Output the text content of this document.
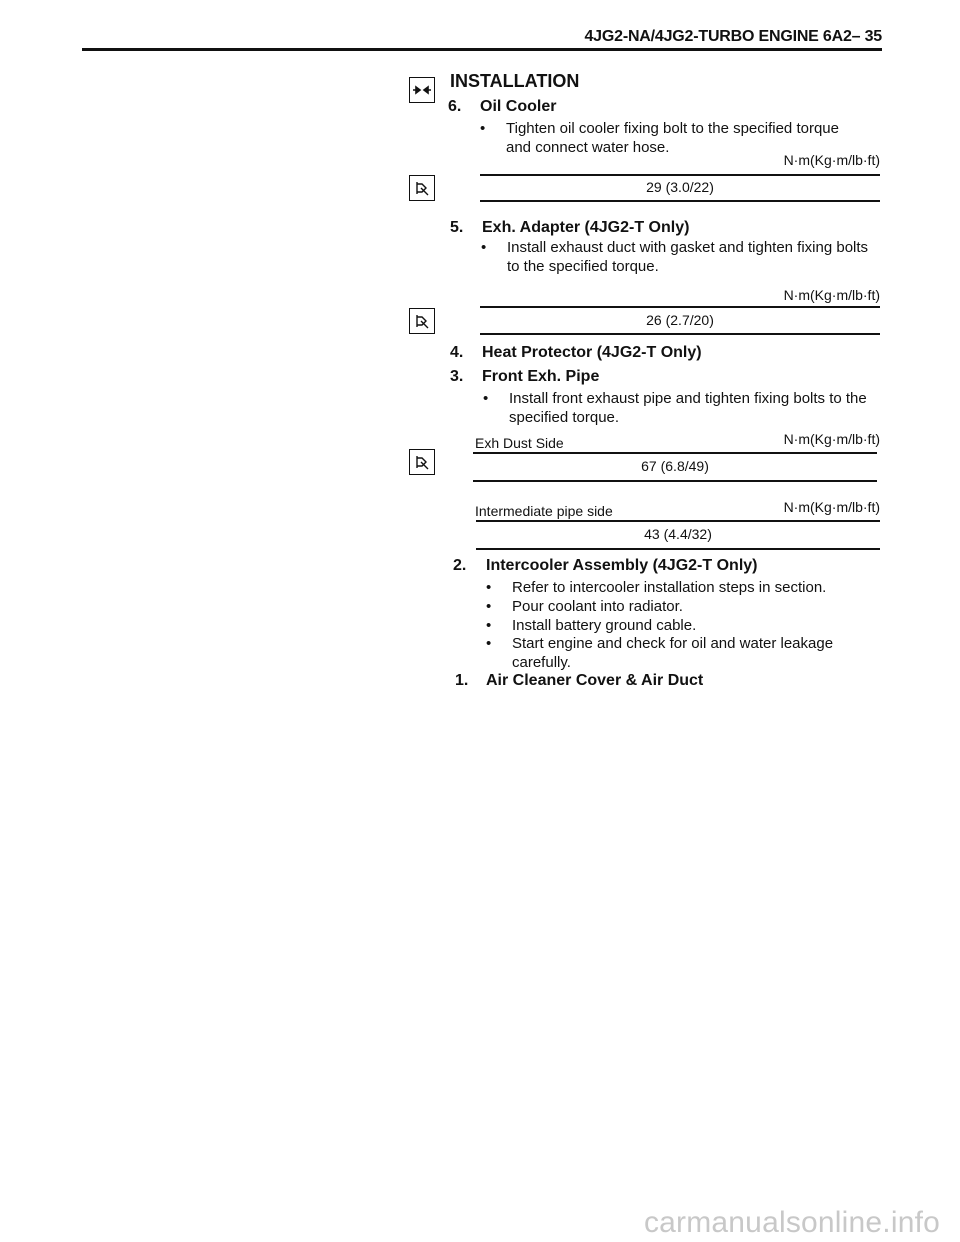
4JG2-NA/4JG2-TURBO ENGINE 6A2– 35
INSTALLATION
6. Oil Cooler
• Tighten oil cooler fixing bolt to the specified torque and connect water hose.
N·m(Kg·m/lb·ft)
29 (3.0/22)
5. Exh. Adapter (4JG2-T Only)
• Install exhaust duct with gasket and tighten fixing bolts to the specified torque.
N·m(Kg·m/lb·ft)
26 (2.7/20)
4. Heat Protector (4JG2-T Only)
3. Front Exh. Pipe
• Install front exhaust pipe and tighten fixing bolts to the specified torque.
Exh Dust Side	N·m(Kg·m/lb·ft)
67 (6.8/49)
Intermediate pipe side	N·m(Kg·m/lb·ft)
43 (4.4/32)
2. Intercooler Assembly (4JG2-T Only)
• Refer to intercooler installation steps in section.
• Pour coolant into radiator.
• Install battery ground cable.
• Start engine and check for oil and water leakage carefully.
1. Air Cleaner Cover & Air Duct
carmanualsonline.info
